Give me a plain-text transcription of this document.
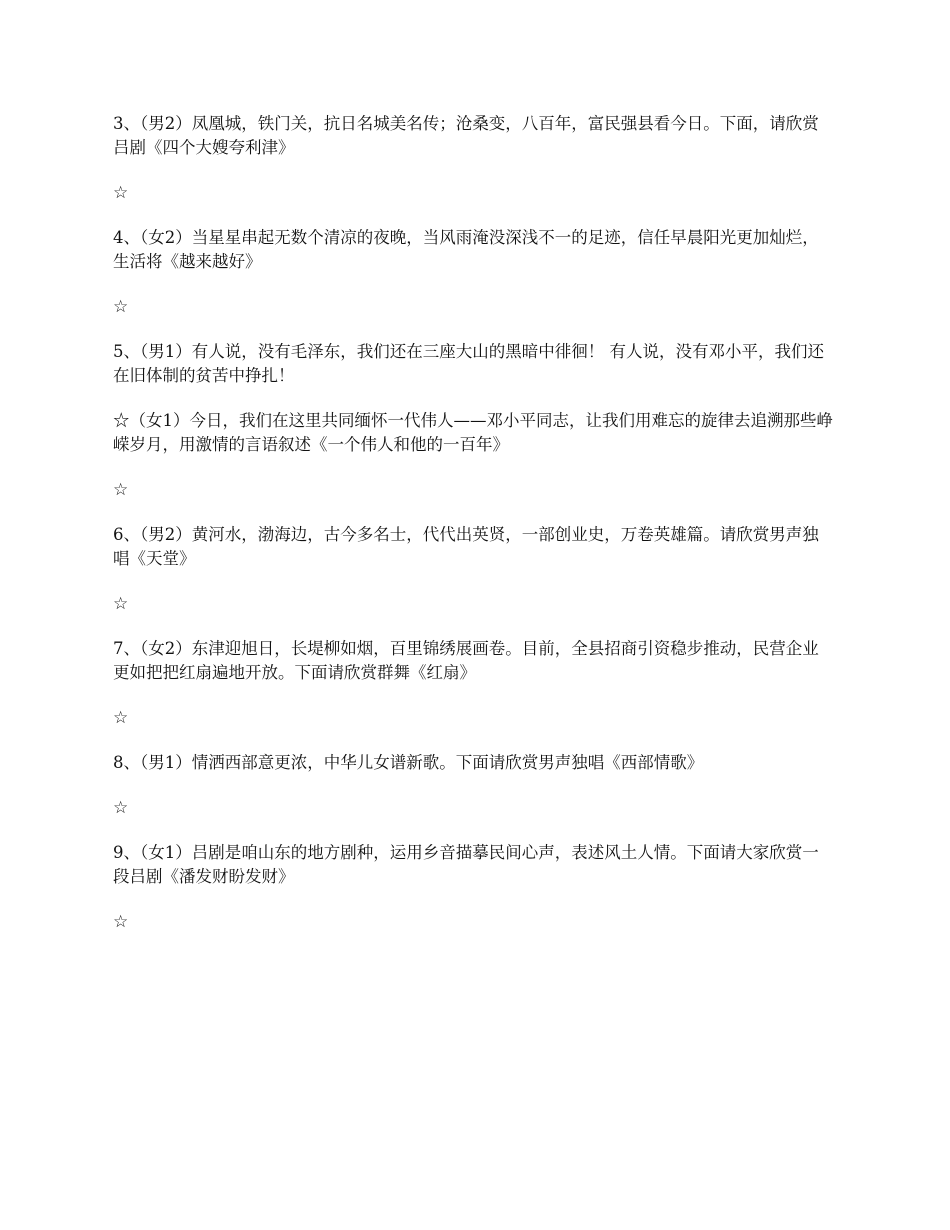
3、（男2）凤凰城，铁门关，抗日名城美名传；沧桑变，八百年，富民强县看今日。下面，请欣赏吕剧《四个大嫂夸利津》

☆

4、（女2）当星星串起无数个清凉的夜晚，当风雨淹没深浅不一的足迹，信任早晨阳光更加灿烂，生活将《越来越好》

☆

5、（男1）有人说，没有毛泽东，我们还在三座大山的黑暗中徘徊！ 有人说，没有邓小平，我们还在旧体制的贫苦中挣扎！

☆（女1）今日，我们在这里共同缅怀一代伟人——邓小平同志，让我们用难忘的旋律去追溯那些峥嵘岁月，用激情的言语叙述《一个伟人和他的一百年》

☆

6、（男2）黄河水，渤海边，古今多名士，代代出英贤，一部创业史，万卷英雄篇。请欣赏男声独唱《天堂》

☆

7、（女2）东津迎旭日，长堤柳如烟，百里锦绣展画卷。目前，全县招商引资稳步推动，民营企业更如把把红扇遍地开放。下面请欣赏群舞《红扇》

☆

8、（男1）情洒西部意更浓，中华儿女谱新歌。下面请欣赏男声独唱《西部情歌》

☆

9、（女1）吕剧是咱山东的地方剧种，运用乡音描摹民间心声，表述风土人情。下面请大家欣赏一段吕剧《潘发财盼发财》

☆
